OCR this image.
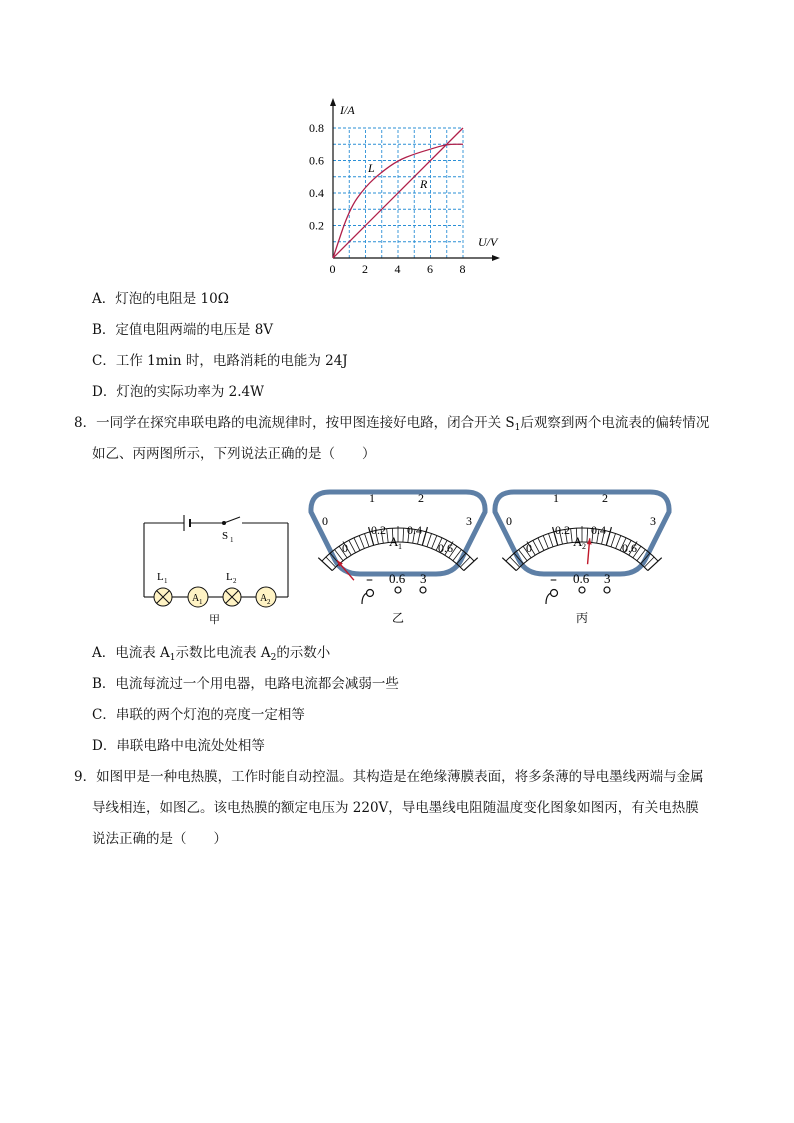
0.8
0.6
0.4
0.2
0 2 4 6 8
I/A
U/V
L
R
A．灯泡的电阻是 10Ω
B．定值电阻两端的电压是 8V
C．工作 1min 时，电路消耗的电能为 24J
D．灯泡的实际功率为 2.4W
8．一同学在探究串联电路的电流规律时，按甲图连接好电路，闭合开关 $S_1$后观察到两个电流表的偏转情况
如乙、丙两图所示，下列说法正确的是（　　）
A 1	A 2
S 1
L 1	L 2
甲
0
1	2
3
0
0.2 0.4
0.6
A 1
– 0.6 3
乙
0
1	2
3
0
0.2 0.4
0.6
A 2
– 0.6 3
丙
A．电流表 $A_1$示数比电流表 $A_2$的示数小
B．电流每流过一个用电器，电路电流都会减弱一些
C．串联的两个灯泡的亮度一定相等
D．串联电路中电流处处相等
9．如图甲是一种电热膜，工作时能自动控温。其构造是在绝缘薄膜表面，将多条薄的导电墨线两端与金属
导线相连，如图乙。该电热膜的额定电压为 220V，导电墨线电阻随温度变化图象如图丙，有关电热膜
说法正确的是（　　）
